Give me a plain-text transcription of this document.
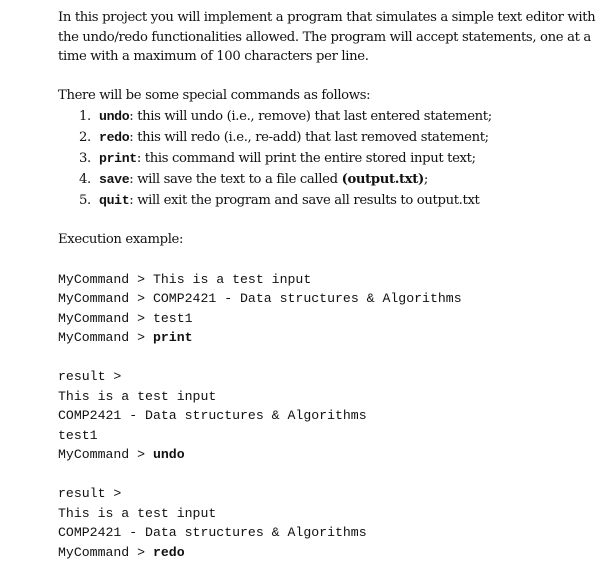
In this project you will implement a program that simulates a simple text editor with the undo/redo functionalities allowed. The program will accept statements, one at a time with a maximum of 100 characters per line.

There will be some special commands as follows:

1. undo: this will undo (i.e., remove) that last entered statement;
2. redo: this will redo (i.e., re-add) that last removed statement;
3. print: this command will print the entire stored input text;
4. save: will save the text to a file called (output.txt);
5. quit: will exit the program and save all results to output.txt

Execution example:

MyCommand > This is a test input
MyCommand > COMP2421 - Data structures & Algorithms
MyCommand > test1
MyCommand > print
result >
This is a test input
COMP2421 - Data structures & Algorithms
test1
MyCommand > undo
result >
This is a test input
COMP2421 - Data structures & Algorithms
MyCommand > redo
